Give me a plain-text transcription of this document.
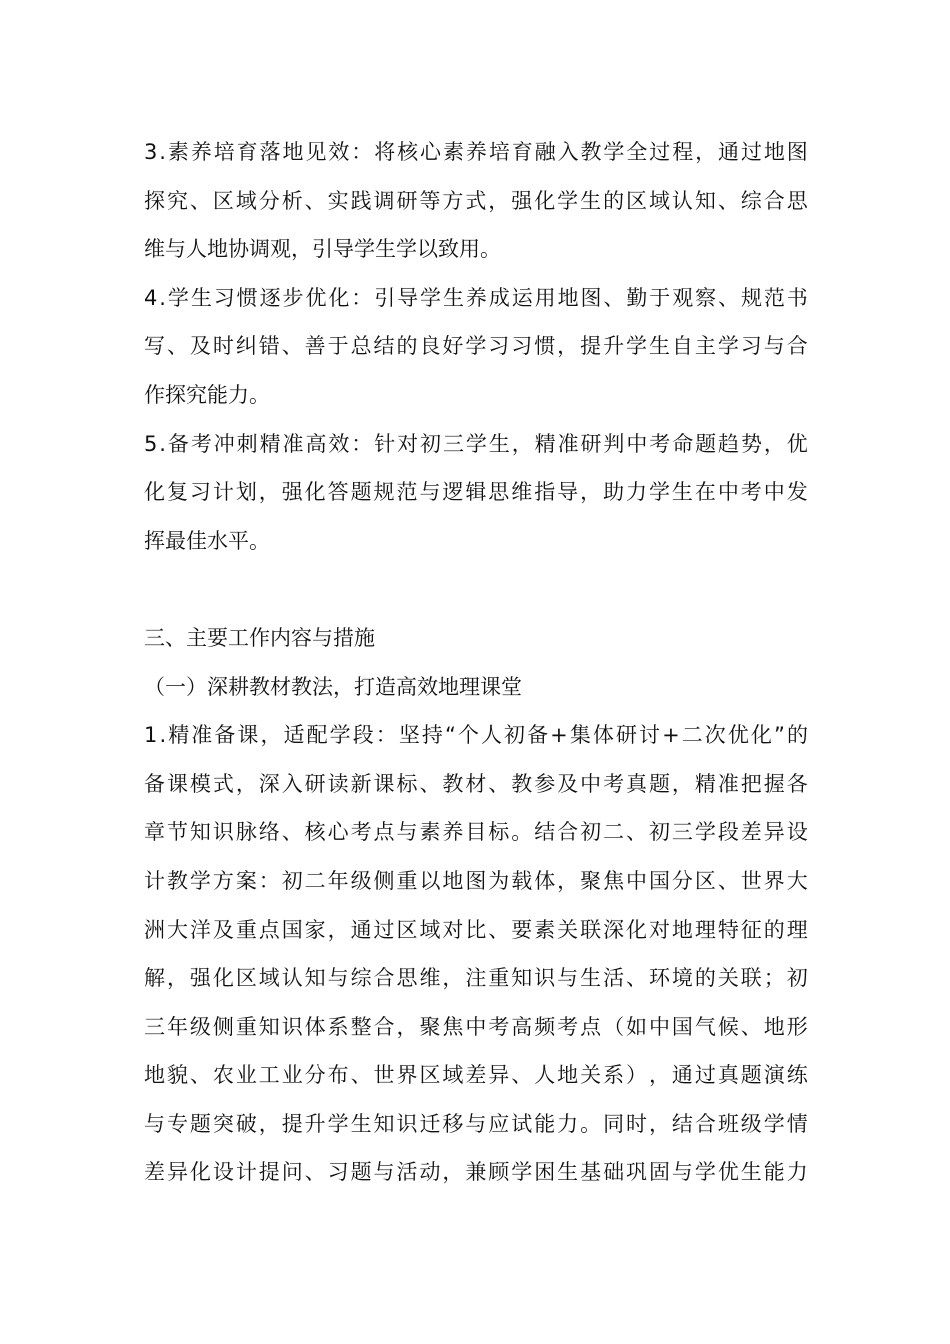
3 . 素 养 培 育 落 地 见 效 ： 将 核 心 素 养 培 育 融 入 教 学 全 过 程 ， 通 过 地 图
探 究 、 区 域 分 析 、 实 践 调 研 等 方 式 ， 强 化 学 生 的 区 域 认 知 、 综 合 思
维与人地协调观，引导学生学以致用。
4 . 学 生 习 惯 逐 步 优 化 ： 引 导 学 生 养 成 运 用 地 图 、 勤 于 观 察 、 规 范 书
写 、 及 时 纠 错 、 善 于 总 结 的 良 好 学 习 习 惯 ， 提 升 学 生 自 主 学 习 与 合
作探究能力。
5 . 备 考 冲 刺 精 准 高 效 ： 针 对 初 三 学 生 ， 精 准 研 判 中 考 命 题 趋 势 ， 优
化 复 习 计 划 ， 强 化 答 题 规 范 与 逻 辑 思 维 指 导 ， 助 力 学 生 在 中 考 中 发
挥最佳水平。

三、主要工作内容与措施

（一）深耕教材教法，打造高效地理课堂

1 . 精 准 备 课 ， 适 配 学 段 ： 坚 持 “ 个 人 初 备 + 集 体 研 讨 + 二 次 优 化 ” 的
备 课 模 式 ， 深 入 研 读 新 课 标 、 教 材 、 教 参 及 中 考 真 题 ， 精 准 把 握 各
章 节 知 识 脉 络 、 核 心 考 点 与 素 养 目 标 。 结 合 初 二 、 初 三 学 段 差 异 设
计 教 学 方 案 ： 初 二 年 级 侧 重 以 地 图 为 载 体 ， 聚 焦 中 国 分 区 、 世 界 大
洲 大 洋 及 重 点 国 家 ， 通 过 区 域 对 比 、 要 素 关 联 深 化 对 地 理 特 征 的 理
解 ， 强 化 区 域 认 知 与 综 合 思 维 ， 注 重 知 识 与 生 活 、 环 境 的 关 联 ； 初
三 年 级 侧 重 知 识 体 系 整 合 ， 聚 焦 中 考 高 频 考 点 （ 如 中 国 气 候 、 地 形
地 貌 、 农 业 工 业 分 布 、 世 界 区 域 差 异 、 人 地 关 系 ） ， 通 过 真 题 演 练
与 专 题 突 破 ， 提 升 学 生 知 识 迁 移 与 应 试 能 力 。 同 时 ， 结 合 班 级 学 情
差 异 化 设 计 提 问 、 习 题 与 活 动 ， 兼 顾 学 困 生 基 础 巩 固 与 学 优 生 能 力
